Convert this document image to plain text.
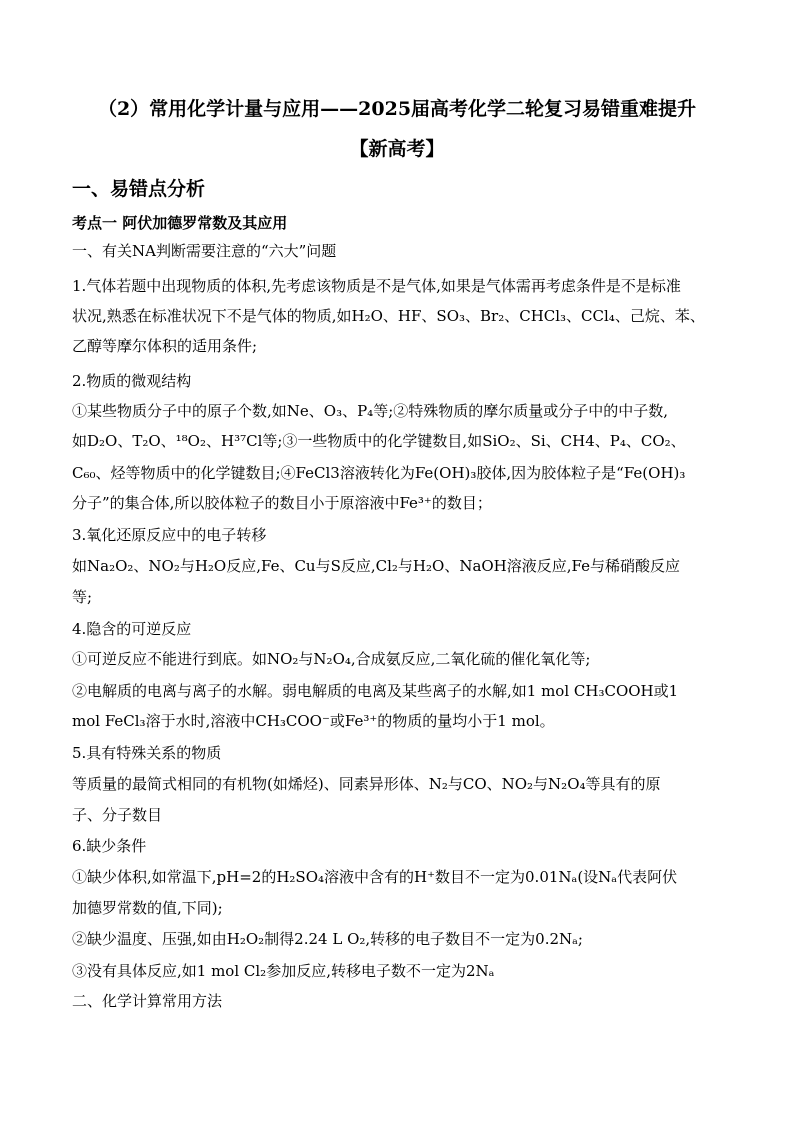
（2）常用化学计量与应用——2025届高考化学二轮复习易错重难提升
【新高考】
一、易错点分析
考点一 阿伏加德罗常数及其应用
一、有关NA判断需要注意的“六大”问题
1.气体若题中出现物质的体积,先考虑该物质是不是气体,如果是气体需再考虑条件是不是标准
状况,熟悉在标准状况下不是气体的物质,如H₂O、HF、SO₃、Br₂、CHCl₃、CCl₄、己烷、苯、
乙醇等摩尔体积的适用条件;
2.物质的微观结构
①某些物质分子中的原子个数,如Ne、O₃、P₄等;②特殊物质的摩尔质量或分子中的中子数,
如D₂O、T₂O、¹⁸O₂、H³⁷Cl等;③一些物质中的化学键数目,如SiO₂、Si、CH4、P₄、CO₂、
C₆₀、烃等物质中的化学键数目;④FeCl3溶液转化为Fe(OH)₃胶体,因为胶体粒子是“Fe(OH)₃
分子”的集合体,所以胶体粒子的数目小于原溶液中Fe³⁺的数目；
3.氧化还原反应中的电子转移
如Na₂O₂、NO₂与H₂O反应,Fe、Cu与S反应,Cl₂与H₂O、NaOH溶液反应,Fe与稀硝酸反应
等;
4.隐含的可逆反应
①可逆反应不能进行到底。如NO₂与N₂O₄,合成氨反应,二氧化硫的催化氧化等;
②电解质的电离与离子的水解。弱电解质的电离及某些离子的水解,如1 mol CH₃COOH或1
mol FeCl₃溶于水时,溶液中CH₃COO⁻或Fe³⁺的物质的量均小于1 mol。
5.具有特殊关系的物质
等质量的最简式相同的有机物(如烯烃)、同素异形体、N₂与CO、NO₂与N₂O₄等具有的原
子、分子数目
6.缺少条件
①缺少体积,如常温下,pH=2的H₂SO₄溶液中含有的H⁺数目不一定为0.01Nₐ(设Nₐ代表阿伏
加德罗常数的值,下同);
②缺少温度、压强,如由H₂O₂制得2.24 L O₂,转移的电子数目不一定为0.2Nₐ;
③没有具体反应,如1 mol Cl₂参加反应,转移电子数不一定为2Nₐ
二、化学计算常用方法
